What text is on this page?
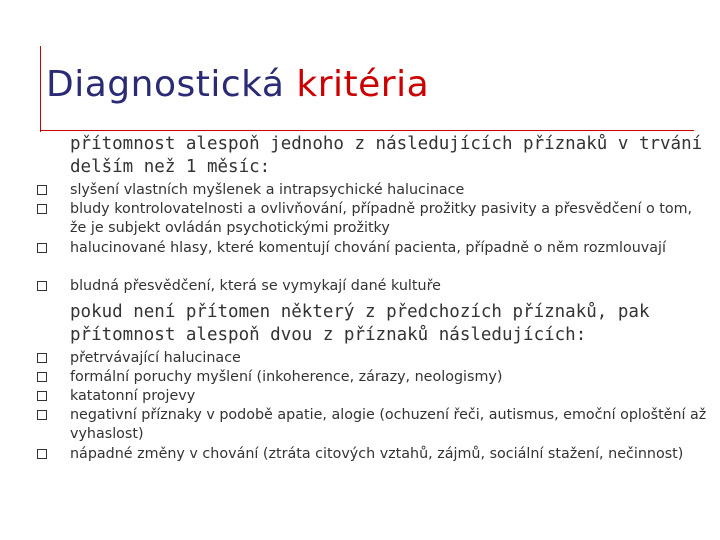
Diagnostická kritéria
přítomnost alespoň jednoho z následujících příznaků v trvání delším než 1 měsíc:
slyšení vlastních myšlenek a intrapsychické halucinace
bludy kontrolovatelnosti a ovlivňování, případně prožitky pasivity a přesvědčení o tom, že je subjekt ovládán psychotickými prožitky
halucinované hlasy, které komentují chování pacienta, případně o něm rozmlouvají
bludná přesvědčení, která se vymykají dané kultuře
pokud není přítomen některý z předchozích příznaků, pak přítomnost alespoň dvou z příznaků následujících:
přetrvávající halucinace
formální poruchy myšlení (inkoherence, zárazy, neologismy)
katatonní projevy
negativní příznaky v podobě apatie, alogie (ochuzení řeči, autismus, emoční oploštění až vyhaslost)
nápadné změny v chování (ztráta citových vztahů, zájmů, sociální stažení, nečinnost)
